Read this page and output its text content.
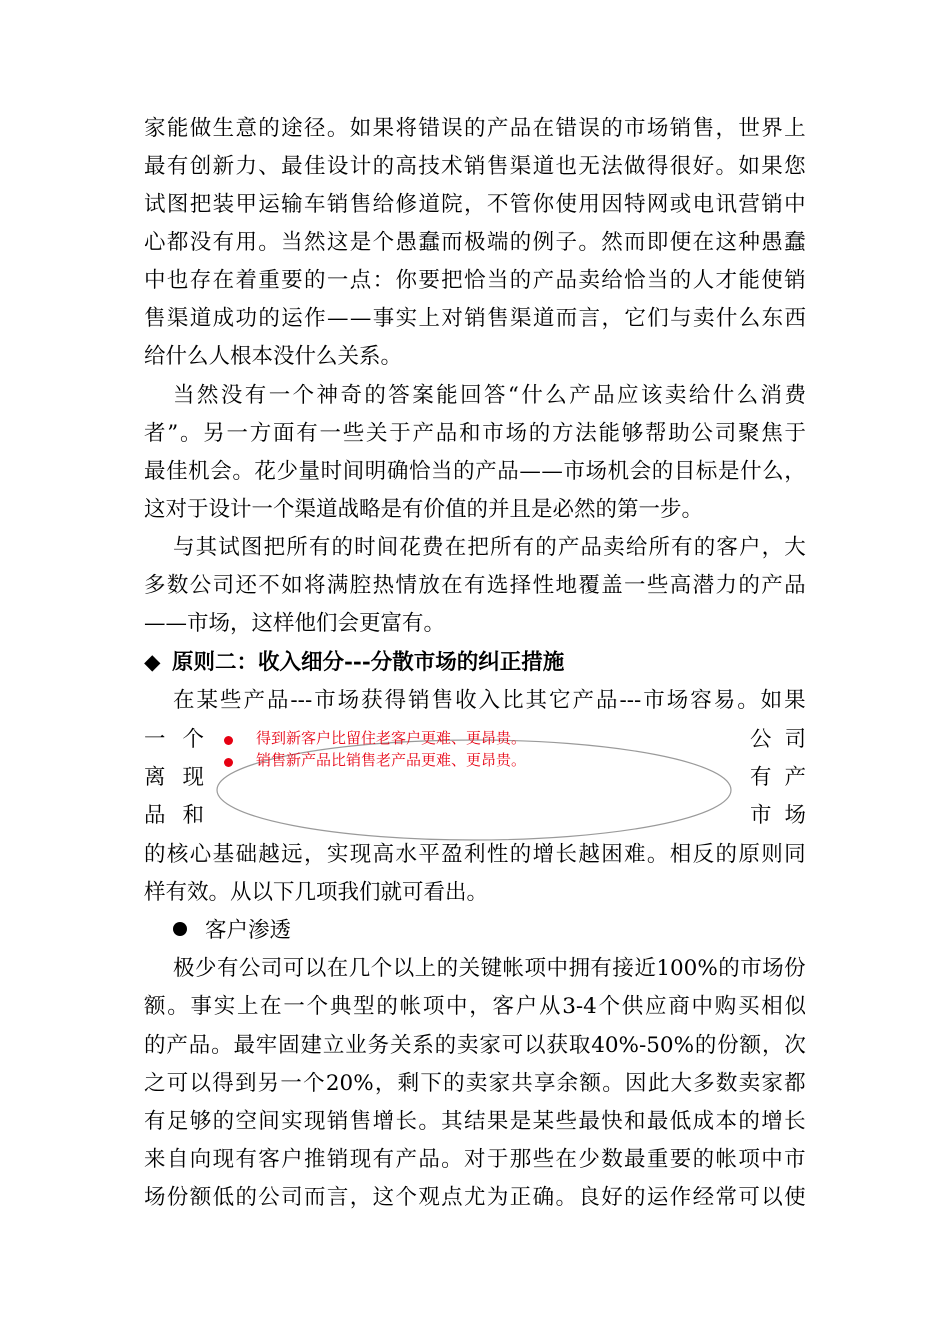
家 能 做 生 意 的 途 径 。 如 果 将 错 误 的 产 品 在 错 误 的 市 场 销 售 ， 世 界 上
最 有 创 新 力 、 最 佳 设 计 的 高 技 术 销 售 渠 道 也 无 法 做 得 很 好 。 如 果 您
试 图 把 装 甲 运 输 车 销 售 给 修 道 院 ， 不 管 你 使 用 因 特 网 或 电 讯 营 销 中
心 都 没 有 用 。 当 然 这 是 个 愚 蠢 而 极 端 的 例 子 。 然 而 即 便 在 这 种 愚 蠢
中 也 存 在 着 重 要 的 一 点 ： 你 要 把 恰 当 的 产 品 卖 给 恰 当 的 人 才 能 使 销
售 渠 道 成 功 的 运 作 — — 事 实 上 对 销 售 渠 道 而 言 ， 它 们 与 卖 什 么 东 西
给什么人根本没什么关系。
当 然 没 有 一 个 神 奇 的 答 案 能 回 答 “ 什 么 产 品 应 该 卖 给 什 么 消 费
者 ” 。 另 一 方 面 有 一 些 关 于 产 品 和 市 场 的 方 法 能 够 帮 助 公 司 聚 焦 于
最 佳 机 会 。 花 少 量 时 间 明 确 恰 当 的 产 品 — — 市 场 机 会 的 目 标 是 什 么 ，
这对于设计一个渠道战略是有价值的并且是必然的第一步。
与 其 试 图 把 所 有 的 时 间 花 费 在 把 所 有 的 产 品 卖 给 所 有 的 客 户 ， 大
多 数 公 司 还 不 如 将 满 腔 热 情 放 在 有 选 择 性 地 覆 盖 一 些 高 潜 力 的 产 品
——市场，这样他们会更富有。
◆ 原则二：收入细分---分散市场的纠正措施
在 某 些 产 品 --- 市 场 获 得 销 售 收 入 比 其 它 产 品 --- 市 场 容 易 。 如 果
一 个	公 司
离 现	有 产
品 和	市 场
的 核 心 基 础 越 远 ， 实 现 高 水 平 盈 利 性 的 增 长 越 困 难 。 相 反 的 原 则 同
样有效。从以下几项我们就可看出。
得到新客户比留住老客户更难、更昂贵。
销售新产品比销售老产品更难、更昂贵。
客户渗透
极 少 有 公 司 可 以 在 几 个 以 上 的 关 键 帐 项 中 拥 有 接 近 100% 的 市 场 份
额 。 事 实 上 在 一 个 典 型 的 帐 项 中 ， 客 户 从 3-4 个 供 应 商 中 购 买 相 似
的 产 品 。 最 牢 固 建 立 业 务 关 系 的 卖 家 可 以 获 取 40%-50% 的 份 额 ， 次
之 可 以 得 到 另 一 个 20% ， 剩 下 的 卖 家 共 享 余 额 。 因 此 大 多 数 卖 家 都
有 足 够 的 空 间 实 现 销 售 增 长 。 其 结 果 是 某 些 最 快 和 最 低 成 本 的 增 长
来 自 向 现 有 客 户 推 销 现 有 产 品 。 对 于 那 些 在 少 数 最 重 要 的 帐 项 中 市
场 份 额 低 的 公 司 而 言 ， 这 个 观 点 尤 为 正 确 。 良 好 的 运 作 经 常 可 以 使
